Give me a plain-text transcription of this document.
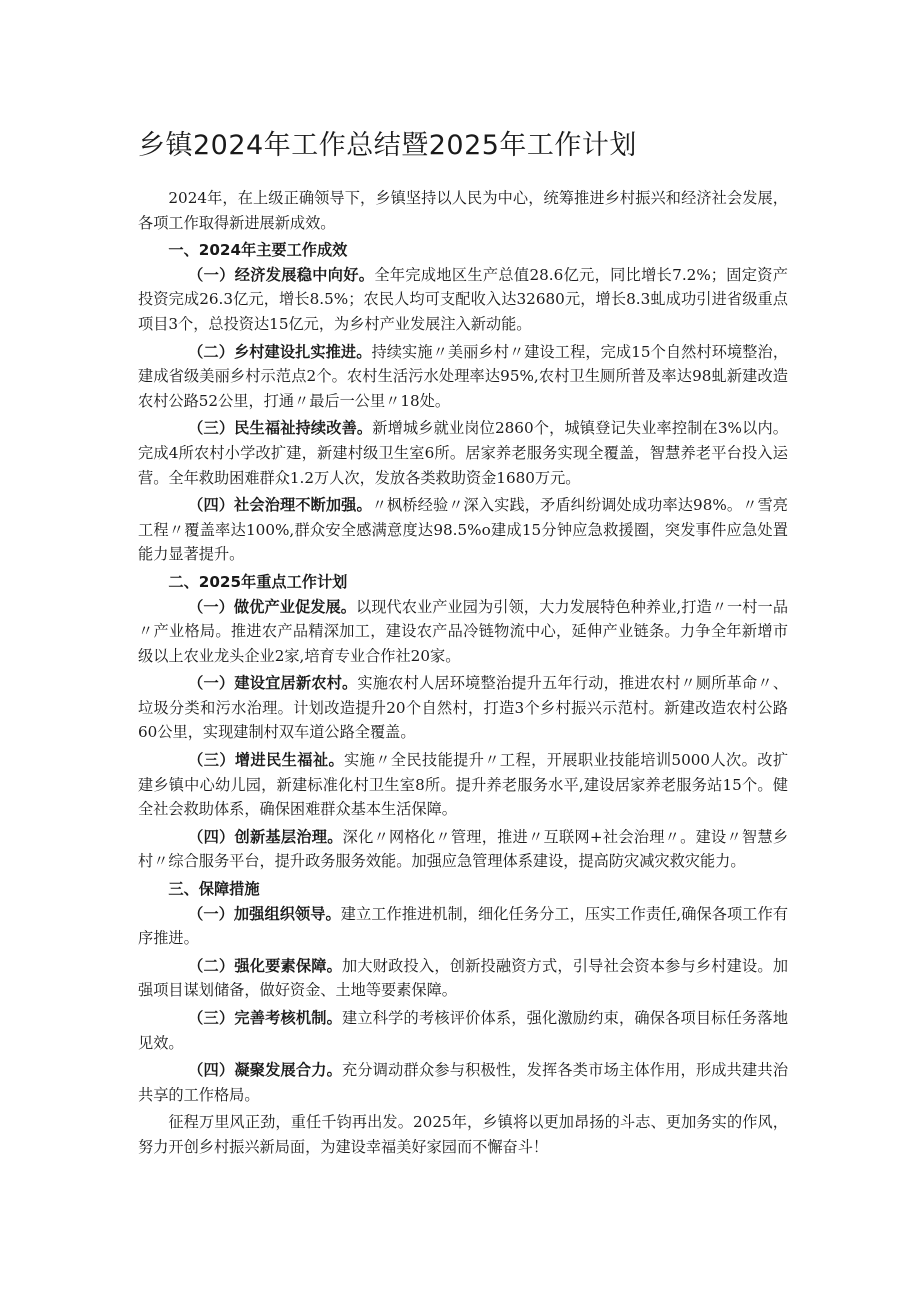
乡镇2024年工作总结暨2025年工作计划

2024年，在上级正确领导下，乡镇坚持以人民为中心，统筹推进乡村振兴和经济社会发展，各项工作取得新进展新成效。

一、2024年主要工作成效

（一）经济发展稳中向好。全年完成地区生产总值28.6亿元，同比增长7.2%；固定资产投资完成26.3亿元，增长8.5%；农民人均可支配收入达32680元，增长8.3虬成功引进省级重点项目3个，总投资达15亿元，为乡村产业发展注入新动能。

（二）乡村建设扎实推进。持续实施〃美丽乡村〃建设工程，完成15个自然村环境整治，建成省级美丽乡村示范点2个。农村生活污水处理率达95%,农村卫生厕所普及率达98虬新建改造农村公路52公里，打通〃最后一公里〃18处。

（三）民生福祉持续改善。新增城乡就业岗位2860个，城镇登记失业率控制在3%以内。完成4所农村小学改扩建，新建村级卫生室6所。居家养老服务实现全覆盖，智慧养老平台投入运营。全年救助困难群众1.2万人次，发放各类救助资金1680万元。

（四）社会治理不断加强。〃枫桥经验〃深入实践，矛盾纠纷调处成功率达98%。〃雪亮工程〃覆盖率达100%,群众安全感满意度达98.5%o建成15分钟应急救援圈，突发事件应急处置能力显著提升。

二、2025年重点工作计划

（一）做优产业促发展。以现代农业产业园为引领，大力发展特色种养业,打造〃一村一品〃产业格局。推进农产品精深加工，建设农产品冷链物流中心，延伸产业链条。力争全年新增市级以上农业龙头企业2家,培育专业合作社20家。

（一）建设宜居新农村。实施农村人居环境整治提升五年行动，推进农村〃厕所革命〃、垃圾分类和污水治理。计划改造提升20个自然村，打造3个乡村振兴示范村。新建改造农村公路60公里，实现建制村双车道公路全覆盖。

（三）增进民生福祉。实施〃全民技能提升〃工程，开展职业技能培训5000人次。改扩建乡镇中心幼儿园，新建标准化村卫生室8所。提升养老服务水平,建设居家养老服务站15个。健全社会救助体系，确保困难群众基本生活保障。

（四）创新基层治理。深化〃网格化〃管理，推进〃互联网+社会治理〃。建设〃智慧乡村〃综合服务平台，提升政务服务效能。加强应急管理体系建设，提高防灾减灾救灾能力。

三、保障措施

（一）加强组织领导。建立工作推进机制，细化任务分工，压实工作责任,确保各项工作有序推进。

（二）强化要素保障。加大财政投入，创新投融资方式，引导社会资本参与乡村建设。加强项目谋划储备，做好资金、土地等要素保障。

（三）完善考核机制。建立科学的考核评价体系，强化激励约束，确保各项目标任务落地见效。

（四）凝聚发展合力。充分调动群众参与积极性，发挥各类市场主体作用，形成共建共治共享的工作格局。

征程万里风正劲，重任千钧再出发。2025年，乡镇将以更加昂扬的斗志、更加务实的作风，努力开创乡村振兴新局面，为建设幸福美好家园而不懈奋斗！
